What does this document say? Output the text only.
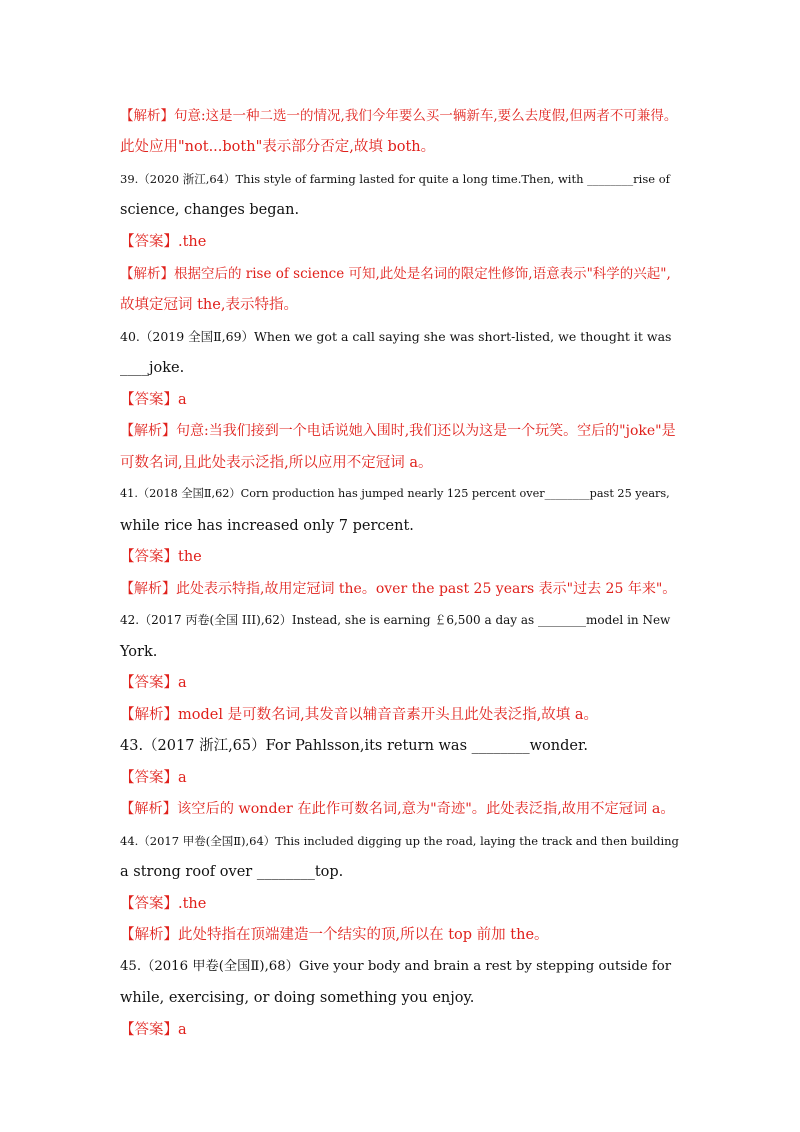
【解析】句意:这是一种二选一的情况,我们今年要么买一辆新车,要么去度假,但两者不可兼得。
此处应用"not...both"表示部分否定,故填 both。
39.（2020 浙江,64）This style of farming lasted for quite a long time.Then, with ________rise of
science, changes began.
【答案】.the
【解析】根据空后的 rise of science 可知,此处是名词的限定性修饰,语意表示"科学的兴起",
故填定冠词 the,表示特指。
40.（2019 全国Ⅱ,69）When we got a call saying she was short-listed, we thought it was
____joke.
【答案】a
【解析】句意:当我们接到一个电话说她入围时,我们还以为这是一个玩笑。空后的"joke"是
可数名词,且此处表示泛指,所以应用不定冠词 a。
41.（2018 全国Ⅱ,62）Corn production has jumped nearly 125 percent over________past 25 years,
while rice has increased only 7 percent.
【答案】the
【解析】此处表示特指,故用定冠词 the。over the past 25 years 表示"过去 25 年来"。
42.（2017 丙卷(全国 III),62）Instead, she is earning ￡6,500 a day as ________model in New
York.
【答案】a
【解析】model 是可数名词,其发音以辅音音素开头且此处表泛指,故填 a。
43.（2017 浙江,65）For Pahlsson,its return was ________wonder.
【答案】a
【解析】该空后的 wonder 在此作可数名词,意为"奇迹"。此处表泛指,故用不定冠词 a。
44.（2017 甲卷(全国Ⅱ),64）This included digging up the road, laying the track and then building
a strong roof over ________top.
【答案】.the
【解析】此处特指在顶端建造一个结实的顶,所以在 top 前加 the。
45.（2016 甲卷(全国Ⅱ),68）Give your body and brain a rest by stepping outside for
while, exercising, or doing something you enjoy.
【答案】a
